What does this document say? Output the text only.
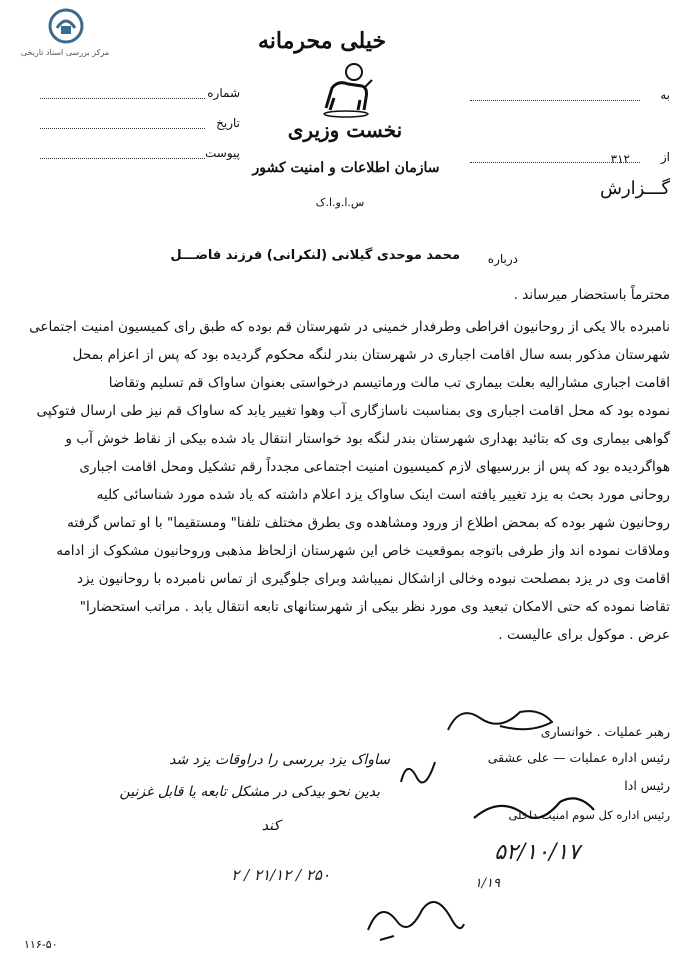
مرکز بررسی اسناد تاریخی	خیلی محرمانه
شماره
تاریخ
پیوست
به
از
۳۱۲
نخست وزیری
سازمان اطلاعات و امنیت کشور
س.ا.و.ا.ک
گـــزارش
درباره
محمد موحدی گیلانی (لنکرانی) فرزند فاضـــل
محترماً باستحضار میرساند .
نامبرده بالا یکی از روحانیون افراطی وطرفدار خمینی در شهرستان قم بوده که طبق رای کمیسیون امنیت اجتماعی
شهرستان مذکور بسه سال اقامت اجباری در شهرستان بندر لنگه محکوم گردیده بود که پس از اعزام بمحل
اقامت اجباری مشارالیه بعلت بیماری تب مالت ورماتیسم درخواستی بعنوان ساواک قم تسلیم وتقاضا
نموده بود که محل اقامت اجباری وی بمناسبت ناسازگاری آب وهوا تغییر یابد که ساواک قم نیز طی ارسال فتوکپی
گواهی بیماری وی که بتائید بهداری شهرستان بندر لنگه بود خواستار انتقال یاد شده بیکی از نقاط خوش آب و
هواگردیده بود که پس از بررسیهای لازم کمیسیون امنیت اجتماعی مجدداً رقم تشکیل ومحل اقامت اجباری
روحانی مورد بحث به یزد تغییر یافته است اینک ساواک یزد اعلام داشته که یاد شده مورد شناسائی کلیه
روحانیون شهر بوده که بمحض اطلاع از ورود ومشاهده وی بطرق مختلف تلفنا" ومستقیما" با او تماس گرفته
وملاقات نموده اند واز طرفی باتوجه بموقعیت خاص این شهرستان ازلحاظ مذهبی وروحانیون مشکوک از ادامه
اقامت وی در یزد بمصلحت نبوده وخالی ازاشکال نمیباشد وبرای جلوگیری از تماس نامبرده با روحانیون یزد
تقاضا نموده که حتی الامکان تبعید وی مورد نظر بیکی از شهرستانهای تابعه انتقال یابد . مراتب استحضارا"
عرض . موکول برای عالیست .
رهبر عملیات . خوانساری
رئیس اداره عملیات — علی عشقی
رئیس ادا
رئیس اداره کل سوم امنیت داخلی
۵۲/۱۰/۱۷
۱/۱۹
ساواک یزد بررسی را دراوقات یزد شد
بدین نحو بیدکی در مشکل تابعه یا قابل غزنین
کند
۲۵۰ / ۲۱/۱۲ / ۲
۱۱۶-۵۰
